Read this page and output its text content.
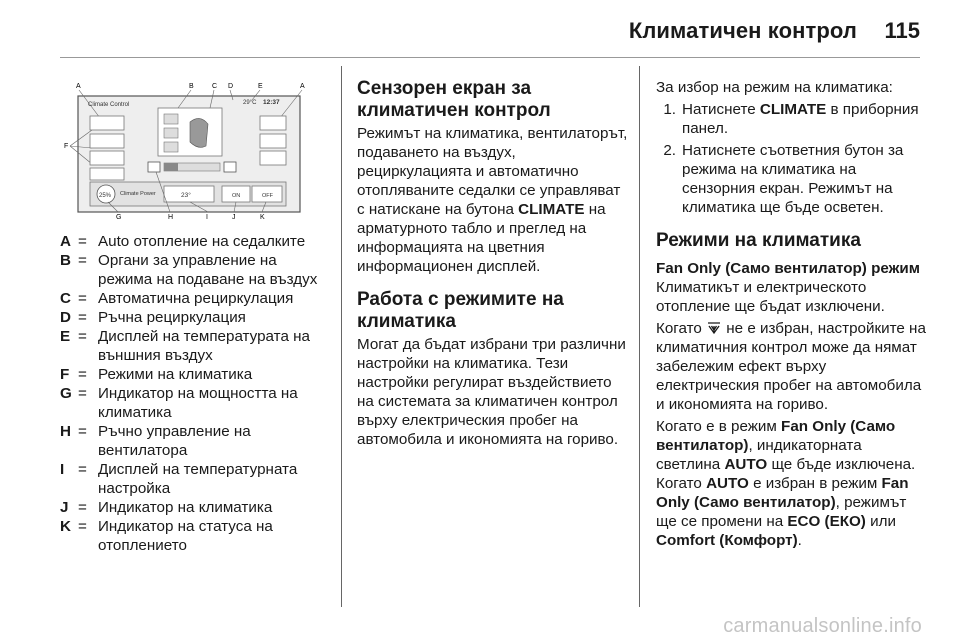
Климатичен контрол 115
A	B	C D	E	A
F
Climate Control	29°C 12:37
25% Climate Power	23°	ON	OFF
G	H	I	J	K
A = Auto отопление на седалките
B = Органи за управление на режима на подаване на въздух
C = Автоматична рециркулация
D = Ръчна рециркулация
E = Дисплей на температурата на външния въздух
F = Режими на климатика
G = Индикатор на мощността на климатика
H = Ръчно управление на вентилатора
I = Дисплей на температурната настройка
J = Индикатор на климатика
K = Индикатор на статуса на отоплението
Сензорен екран за климатичен контрол
Режимът на климатика, вентилаторът, подаването на въздух, рециркулацията и автоматично отопляваните седалки се управляват с натискане на бутона CLIMATE на арматурното табло и преглед на информацията на цветния информационен дисплей.
Работа с режимите на климатика
Могат да бъдат избрани три различни настройки на климатика. Тези настройки регулират въздействието на системата за климатичен контрол върху електрическия пробег на автомобила и икономията на гориво.
За избор на режим на климатика:
1. Натиснете CLIMATE в приборния панел.
2. Натиснете съответния бутон за режима на климатика на сензорния екран. Режимът на климатика ще бъде осветен.
Режими на климатика
Fan Only (Само вентилатор) режим
Климатикът и електрическото отопление ще бъдат изключени.
Когато  не е избран, настройките на климатичния контрол може да нямат забележим ефект върху електрическия пробег на автомобила и икономията на гориво.
Когато е в режим Fan Only (Само вентилатор), индикаторната светлина AUTO ще бъде изключена. Когато AUTO е избран в режим Fan Only (Само вентилатор), режимът ще се промени на ECO (ЕКО) или Comfort (Комфорт).
carmanualsonline.info
